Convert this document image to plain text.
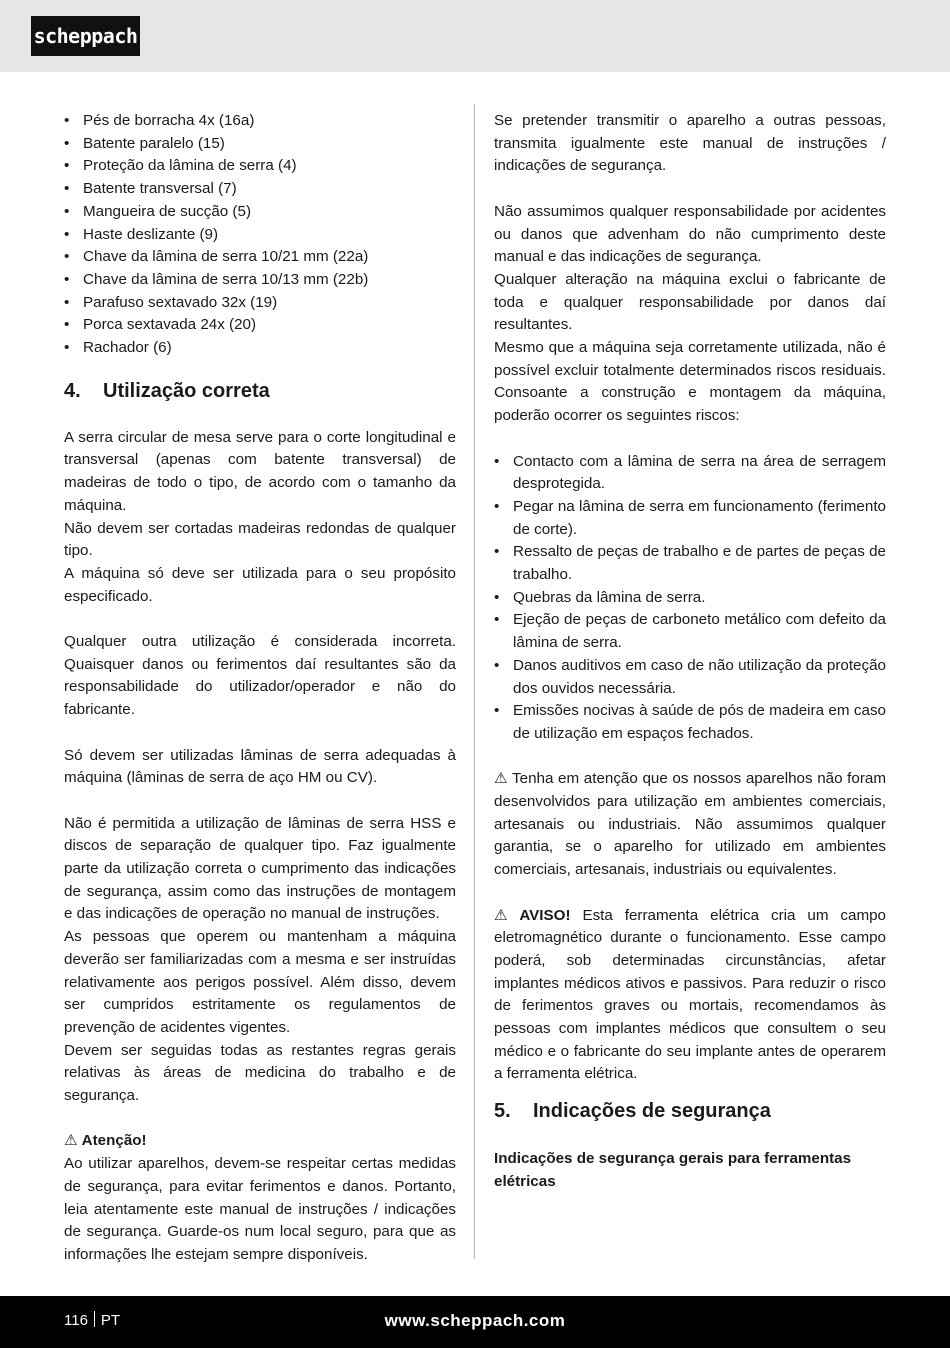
scheppach
• Pés de borracha 4x (16a)
• Batente paralelo (15)
• Proteção da lâmina de serra (4)
• Batente transversal (7)
• Mangueira de sucção (5)
• Haste deslizante (9)
• Chave da lâmina de serra 10/21 mm (22a)
• Chave da lâmina de serra 10/13 mm (22b)
• Parafuso sextavado 32x (19)
• Porca sextavada 24x (20)
• Rachador (6)
4. Utilização correta

A serra circular de mesa serve para o corte longitudinal e transversal (apenas com batente transversal) de madeiras de todo o tipo, de acordo com o tamanho da máquina.

Não devem ser cortadas madeiras redondas de qualquer tipo.

A máquina só deve ser utilizada para o seu propósito especificado.

Qualquer outra utilização é considerada incorreta. Quaisquer danos ou ferimentos daí resultantes são da responsabilidade do utilizador/operador e não do fabricante.

Só devem ser utilizadas lâminas de serra adequadas à máquina (lâminas de serra de aço HM ou CV).

Não é permitida a utilização de lâminas de serra HSS e discos de separação de qualquer tipo. Faz igualmente parte da utilização correta o cumprimento das indicações de segurança, assim como das instruções de montagem e das indicações de operação no manual de instruções.

As pessoas que operem ou mantenham a máquina deverão ser familiarizadas com a mesma e ser instruídas relativamente aos perigos possível. Além disso, devem ser cumpridos estritamente os regulamentos de prevenção de acidentes vigentes.

Devem ser seguidas todas as restantes regras gerais relativas às áreas de medicina do trabalho e de segurança.

⚠ Atenção!

Ao utilizar aparelhos, devem-se respeitar certas medidas de segurança, para evitar ferimentos e danos. Portanto, leia atentamente este manual de instruções / indicações de segurança. Guarde-os num local seguro, para que as informações lhe estejam sempre disponíveis.

Se pretender transmitir o aparelho a outras pessoas, transmita igualmente este manual de instruções / indicações de segurança.

Não assumimos qualquer responsabilidade por acidentes ou danos que advenham do não cumprimento deste manual e das indicações de segurança.

Qualquer alteração na máquina exclui o fabricante de toda e qualquer responsabilidade por danos daí resultantes.

Mesmo que a máquina seja corretamente utilizada, não é possível excluir totalmente determinados riscos residuais. Consoante a construção e montagem da máquina, poderão ocorrer os seguintes riscos:

• Contacto com a lâmina de serra na área de serragem desprotegida.
• Pegar na lâmina de serra em funcionamento (ferimento de corte).
• Ressalto de peças de trabalho e de partes de peças de trabalho.
• Quebras da lâmina de serra.
• Ejeção de peças de carboneto metálico com defeito da lâmina de serra.
• Danos auditivos em caso de não utilização da proteção dos ouvidos necessária.
• Emissões nocivas à saúde de pós de madeira em caso de utilização em espaços fechados.

⚠ Tenha em atenção que os nossos aparelhos não foram desenvolvidos para utilização em ambientes comerciais, artesanais ou industriais. Não assumimos qualquer garantia, se o aparelho for utilizado em ambientes comerciais, artesanais, industriais ou equivalentes.

⚠ AVISO! Esta ferramenta elétrica cria um campo eletromagnético durante o funcionamento. Esse campo poderá, sob determinadas circunstâncias, afetar implantes médicos ativos e passivos. Para reduzir o risco de ferimentos graves ou mortais, recomendamos às pessoas com implantes médicos que consultem o seu médico e o fabricante do seu implante antes de operarem a ferramenta elétrica.

5. Indicações de segurança

Indicações de segurança gerais para ferramentas elétricas

116 PT	www.scheppach.com
